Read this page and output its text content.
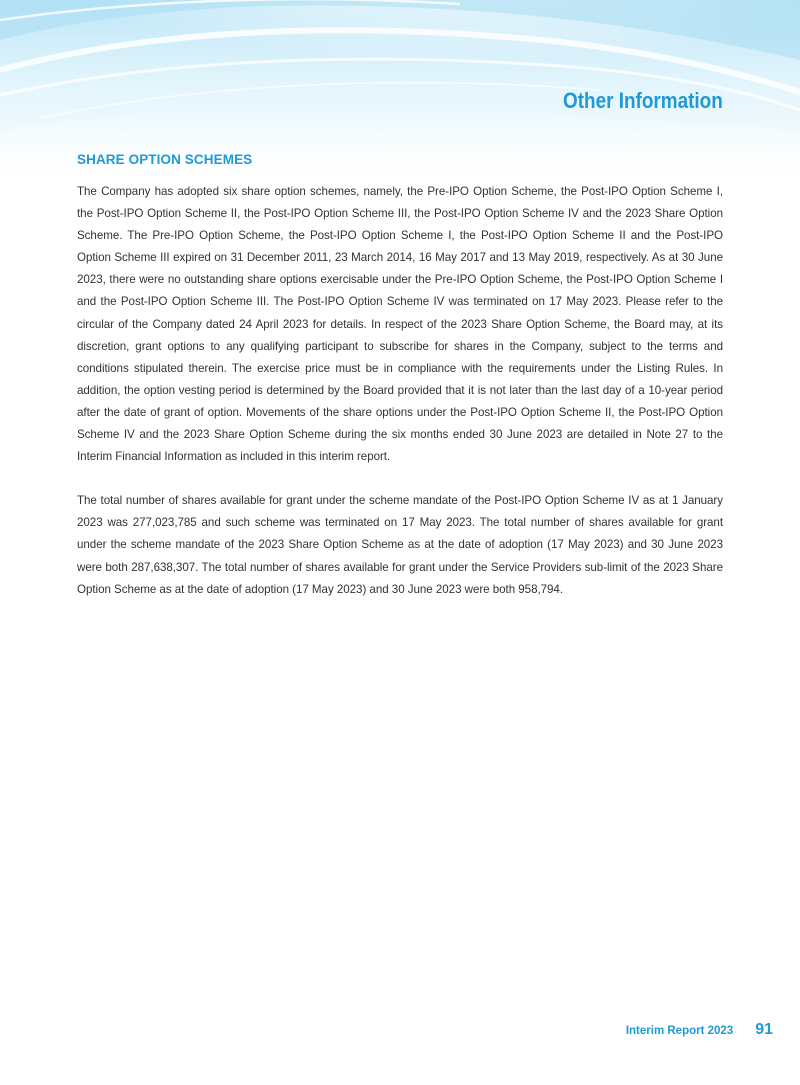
Other Information
SHARE OPTION SCHEMES

The Company has adopted six share option schemes, namely, the Pre-IPO Option Scheme, the Post-IPO Option Scheme I, the Post-IPO Option Scheme II, the Post-IPO Option Scheme III, the Post-IPO Option Scheme IV and the 2023 Share Option Scheme. The Pre-IPO Option Scheme, the Post-IPO Option Scheme I, the Post-IPO Option Scheme II and the Post-IPO Option Scheme III expired on 31 December 2011, 23 March 2014, 16 May 2017 and 13 May 2019, respectively. As at 30 June 2023, there were no outstanding share options exercisable under the Pre-IPO Option Scheme, the Post-IPO Option Scheme I and the Post-IPO Option Scheme III. The Post-IPO Option Scheme IV was terminated on 17 May 2023. Please refer to the circular of the Company dated 24 April 2023 for details. In respect of the 2023 Share Option Scheme, the Board may, at its discretion, grant options to any qualifying participant to subscribe for shares in the Company, subject to the terms and conditions stipulated therein. The exercise price must be in compliance with the requirements under the Listing Rules. In addition, the option vesting period is determined by the Board provided that it is not later than the last day of a 10-year period after the date of grant of option. Movements of the share options under the Post-IPO Option Scheme II, the Post-IPO Option Scheme IV and the 2023 Share Option Scheme during the six months ended 30 June 2023 are detailed in Note 27 to the Interim Financial Information as included in this interim report.

The total number of shares available for grant under the scheme mandate of the Post-IPO Option Scheme IV as at 1 January 2023 was 277,023,785 and such scheme was terminated on 17 May 2023. The total number of shares available for grant under the scheme mandate of the 2023 Share Option Scheme as at the date of adoption (17 May 2023) and 30 June 2023 were both 287,638,307. The total number of shares available for grant under the Service Providers sub-limit of the 2023 Share Option Scheme as at the date of adoption (17 May 2023) and 30 June 2023 were both 958,794.

Interim Report 2023 91
